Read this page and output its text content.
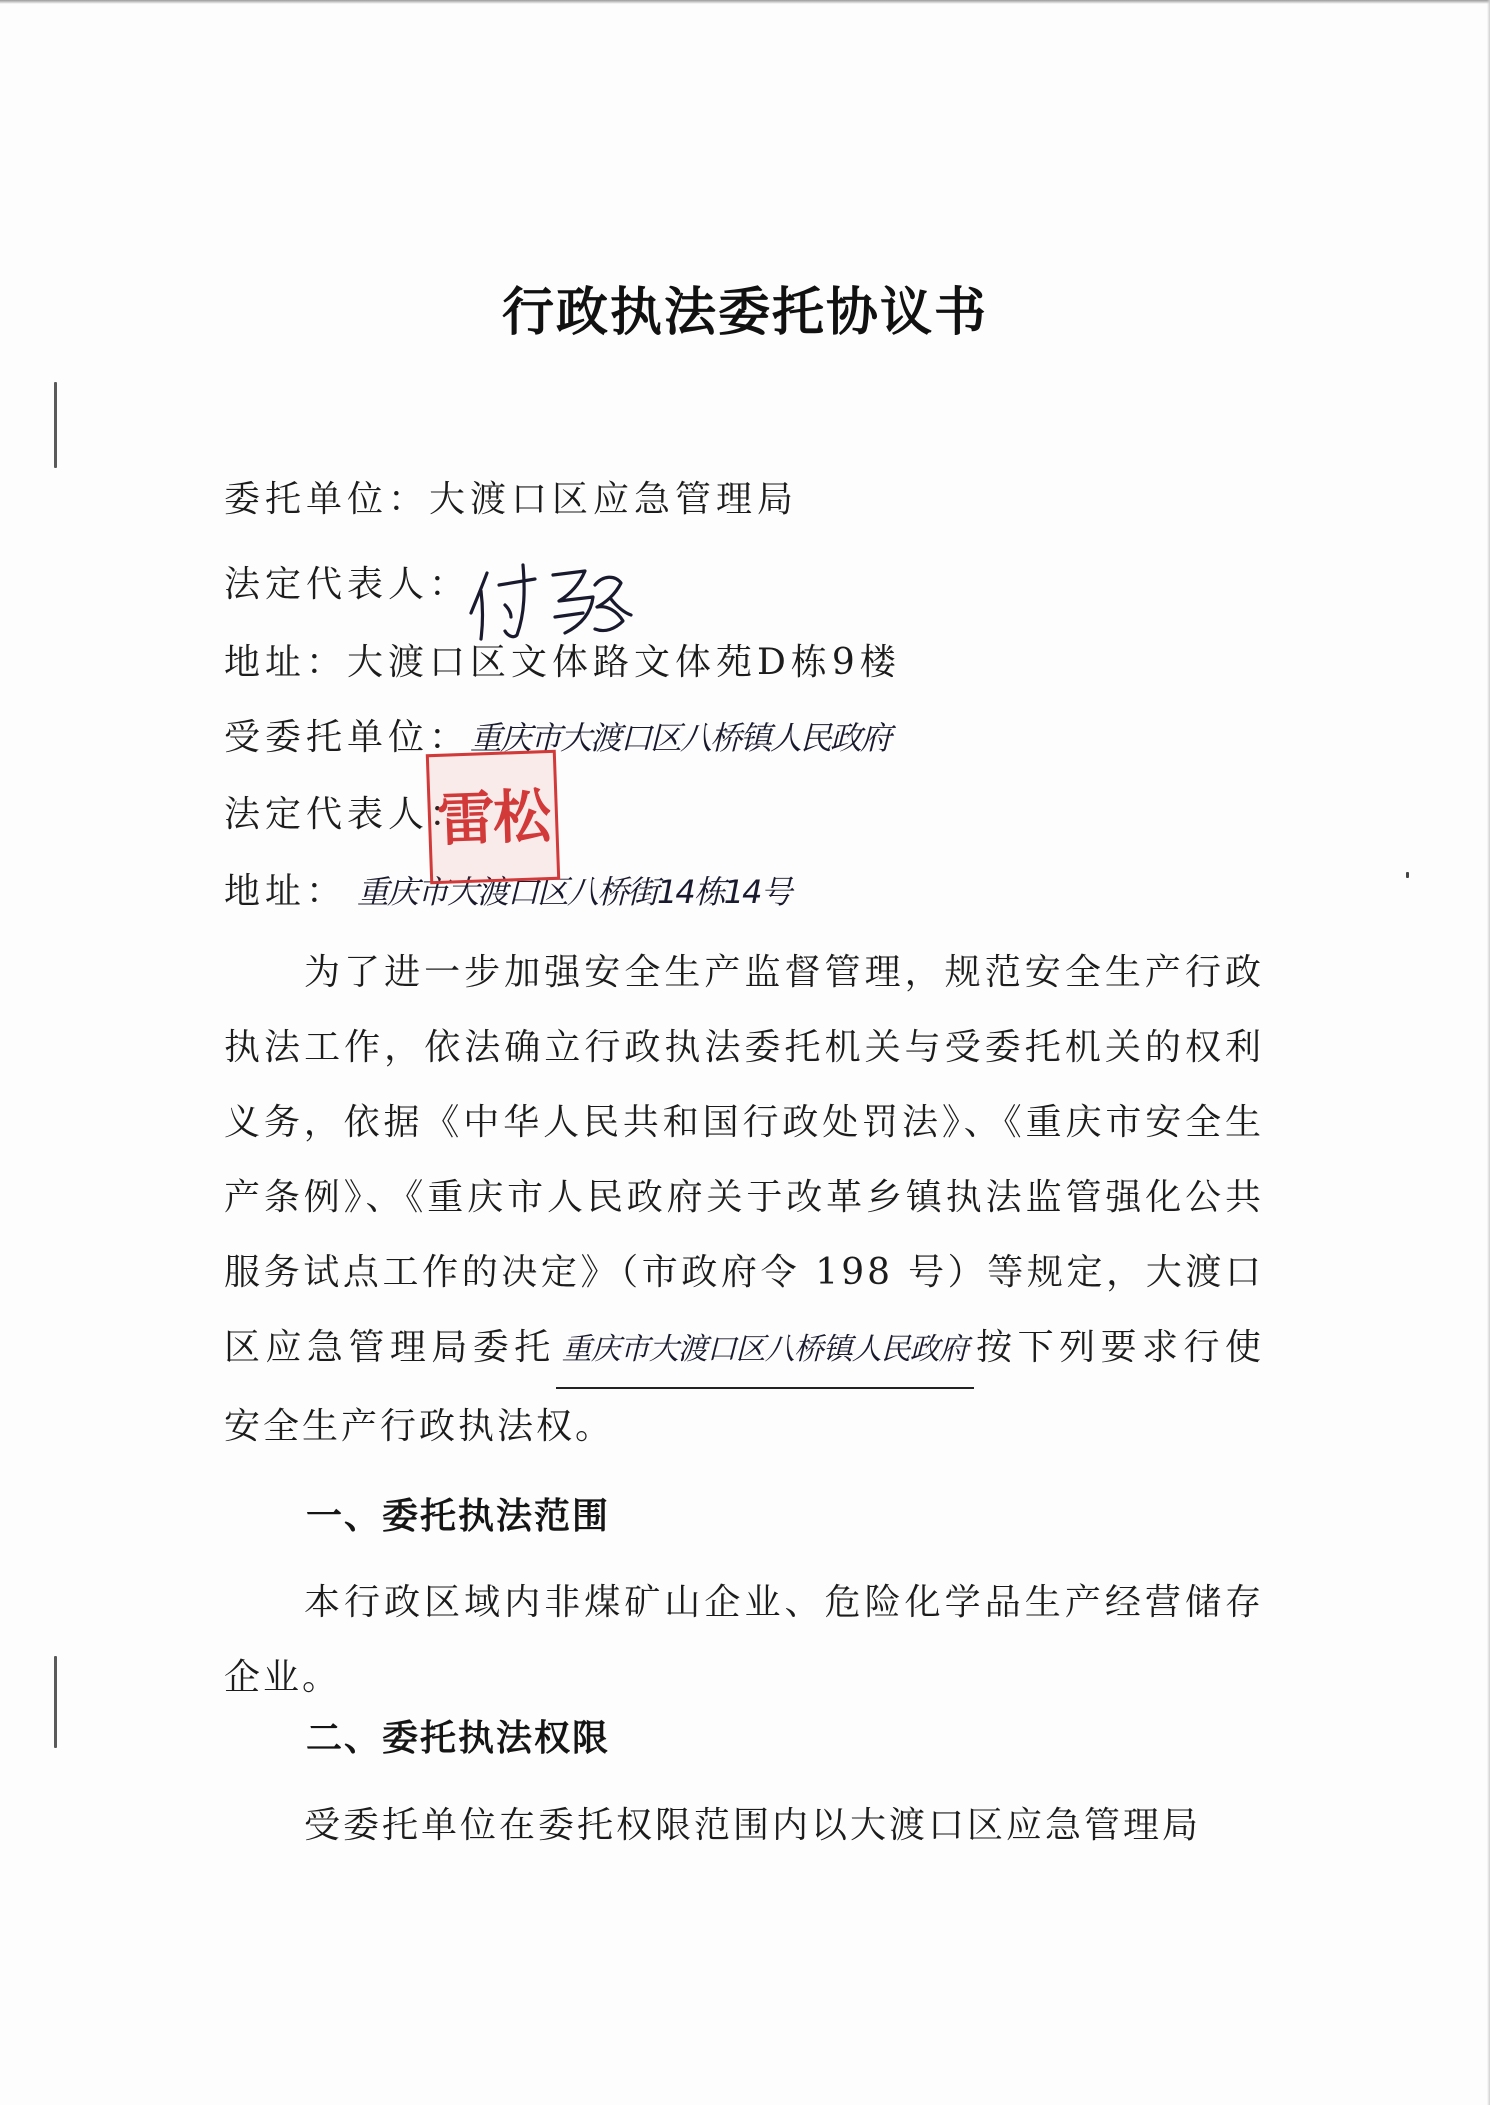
行政执法委托协议书
委托单位：大渡口区应急管理局
法定代表人：
地址：大渡口区文体路文体苑D栋9楼
受委托单位：重庆市大渡口区八桥镇人民政府
法定代表人：
地址： 重庆市大渡口区八桥街14栋14号
雷松
为了进一步加强安全生产监督管理，规范安全生产行政执法工作，依法确立行政执法委托机关与受委托机关的权利义务，依据《中华人民共和国行政处罚法》、《重庆市安全生产条例》、《重庆市人民政府关于改革乡镇执法监管强化公共服务试点工作的决定》（市政府令 198 号）等规定，大渡口区应急管理局委托 重庆市大渡口区八桥镇人民政府 按下列要求行使安全生产行政执法权。
一、委托执法范围
本行政区域内非煤矿山企业、危险化学品生产经营储存企业。
二、委托执法权限
受委托单位在委托权限范围内以大渡口区应急管理局
